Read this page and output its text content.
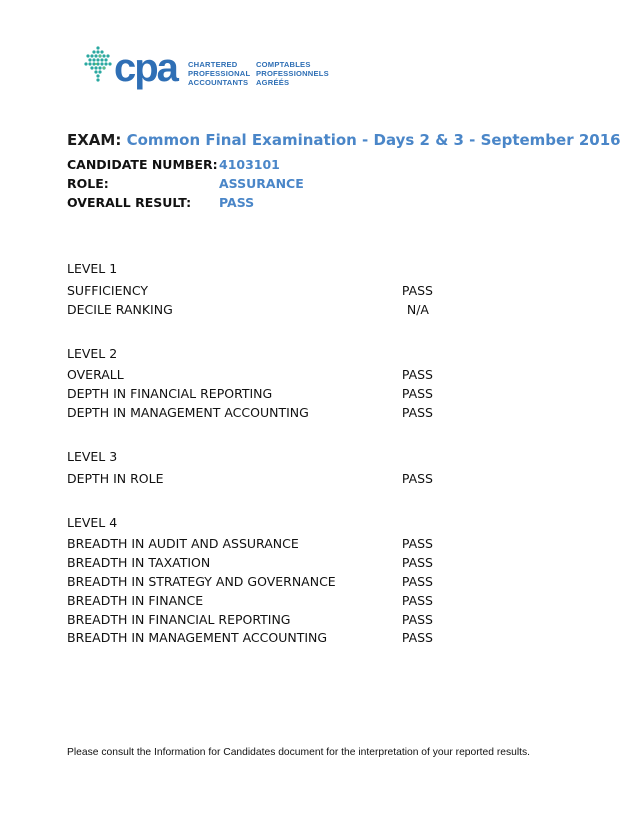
cpa CHARTERED
PROFESSIONAL
ACCOUNTANTS
COMPTABLES
PROFESSIONNELS
AGRÉÉS
EXAM: Common Final Examination - Days 2 & 3 - September 2016
CANDIDATE NUMBER:4103101
ROLE:	ASSURANCE
OVERALL RESULT: PASS
LEVEL 1
SUFFICIENCY	PASS
DECILE RANKING	N/A
LEVEL 2
OVERALL	PASS
DEPTH IN FINANCIAL REPORTING	PASS
DEPTH IN MANAGEMENT ACCOUNTING	PASS
LEVEL 3
DEPTH IN ROLE	PASS
LEVEL 4
BREADTH IN AUDIT AND ASSURANCE	PASS
BREADTH IN TAXATION	PASS
BREADTH IN STRATEGY AND GOVERNANCE	PASS
BREADTH IN FINANCE	PASS
BREADTH IN FINANCIAL REPORTING	PASS
BREADTH IN MANAGEMENT ACCOUNTING	PASS
Please consult the Information for Candidates document for the interpretation of your reported results.
